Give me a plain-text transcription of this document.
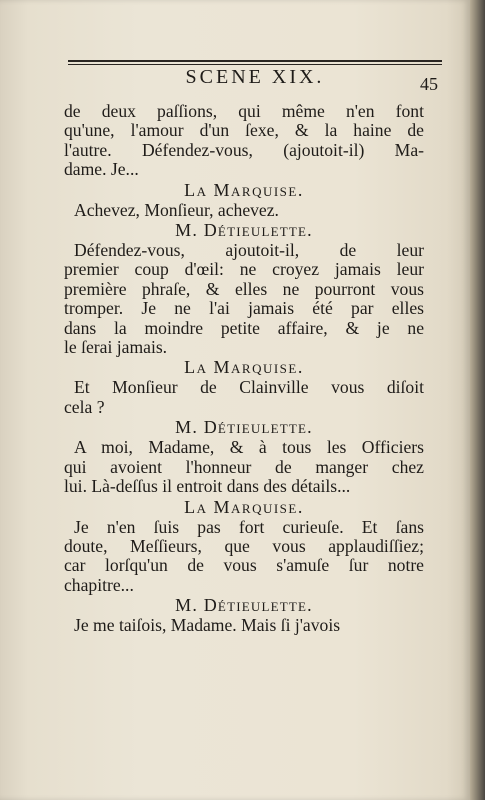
SCENE XIX.	45
de deux paſſions, qui même n'en font
qu'une, l'amour d'un ſexe, & la haine de
l'autre. Défendez-vous, (ajoutoit-il) Ma-
dame. Je...
La Marquise.
Achevez, Monſieur, achevez.
M. Détieulette.
Défendez-vous, ajoutoit-il, de leur
premier coup d'œil: ne croyez jamais leur
première phraſe, & elles ne pourront vous
tromper. Je ne l'ai jamais été par elles
dans la moindre petite affaire, & je ne
le ſerai jamais.
La Marquise.
Et Monſieur de Clainville vous diſoit
cela ?
M. Détieulette.
A moi, Madame, & à tous les Officiers
qui avoient l'honneur de manger chez
lui. Là-deſſus il entroit dans des détails...
La Marquise.
Je n'en ſuis pas fort curieuſe. Et ſans
doute, Meſſieurs, que vous applaudiſſiez;
car lorſqu'un de vous s'amuſe ſur notre
chapitre...
M. Détieulette.
Je me taiſois, Madame. Mais ſi j'avois
